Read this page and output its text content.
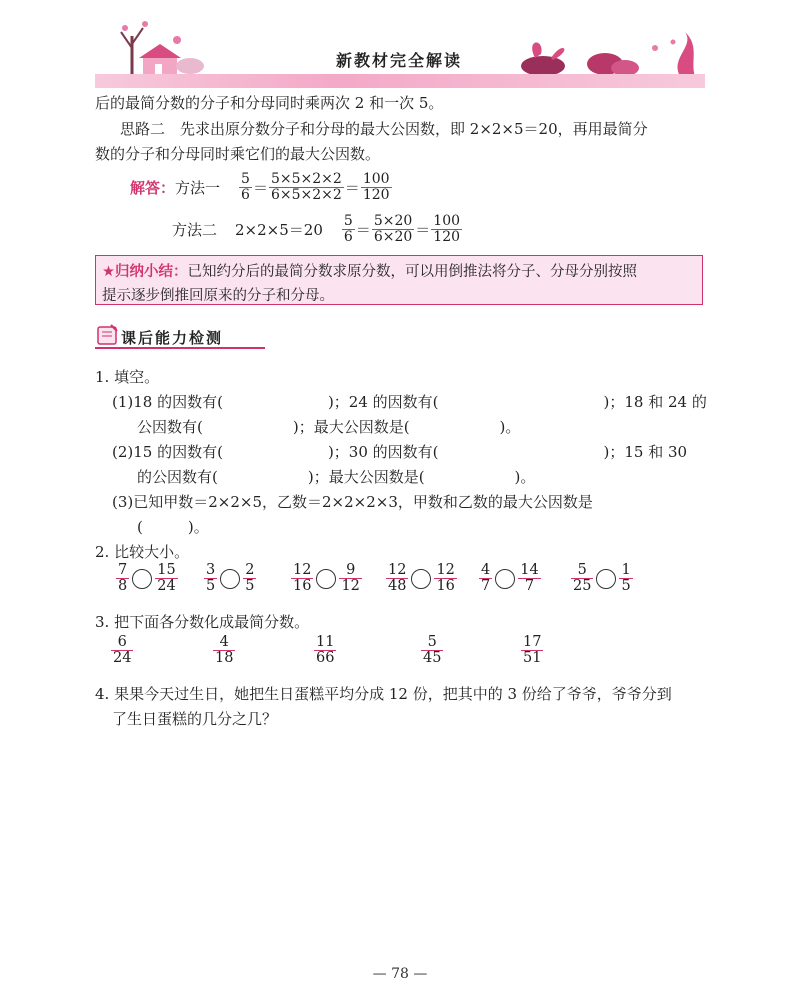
新教材完全解读
后的最简分数的分子和分母同时乘两次 2 和一次 5。
思路二　先求出原分数分子和分母的最大公因数，即 2×2×5＝20，再用最简分
数的分子和分母同时乘它们的最大公因数。
解答： 方法一 $\frac{5}{6} = \frac{5\times 5\times 2\times 2}{6\times 5\times 2\times 2} = \frac{100}{120}$
方法二 $2\times 2\times 5=20 \frac{5}{6} = \frac{5\times 20}{6\times 20} = \frac{100}{120}$
★归纳小结：已知约分后的最简分数求原分数，可以用倒推法将分子、分母分别按照
提示逐步倒推回原来的分子和分母。
课后能力检测
1. 填空。
(1)18 的因数有(　　　　　　　)；24 的因数有(　　　　　　　　　　　)；18 和 24 的
公因数有(　　　　　　)；最大公因数是(　　　　　　)。
(2)15 的因数有(　　　　　　　)；30 的因数有(　　　　　　　　　　　)；15 和 30
的公因数有(　　　　　　)；最大公因数是(　　　　　　)。
(3)已知甲数＝2×2×5，乙数＝2×2×2×3，甲数和乙数的最大公因数是
(　　　)。
2. 比较大小。
$\frac{7}{8} \frac{15}{24} \frac{3}{5} \frac{2}{5} \frac{12}{16} \frac{9}{12} \frac{12}{48} \frac{12}{16} \frac{4}{7} \frac{14}{7} \frac{5}{25} \frac{1}{5}$
3. 把下面各分数化成最简分数。
$\frac{6}{24}$	$\frac{4}{18}$	$\frac{11}{66}$	$\frac{5}{45}$	$\frac{17}{51}$
4. 果果今天过生日，她把生日蛋糕平均分成 12 份，把其中的 3 份给了爷爷，爷爷分到
了生日蛋糕的几分之几？
— 78 —
